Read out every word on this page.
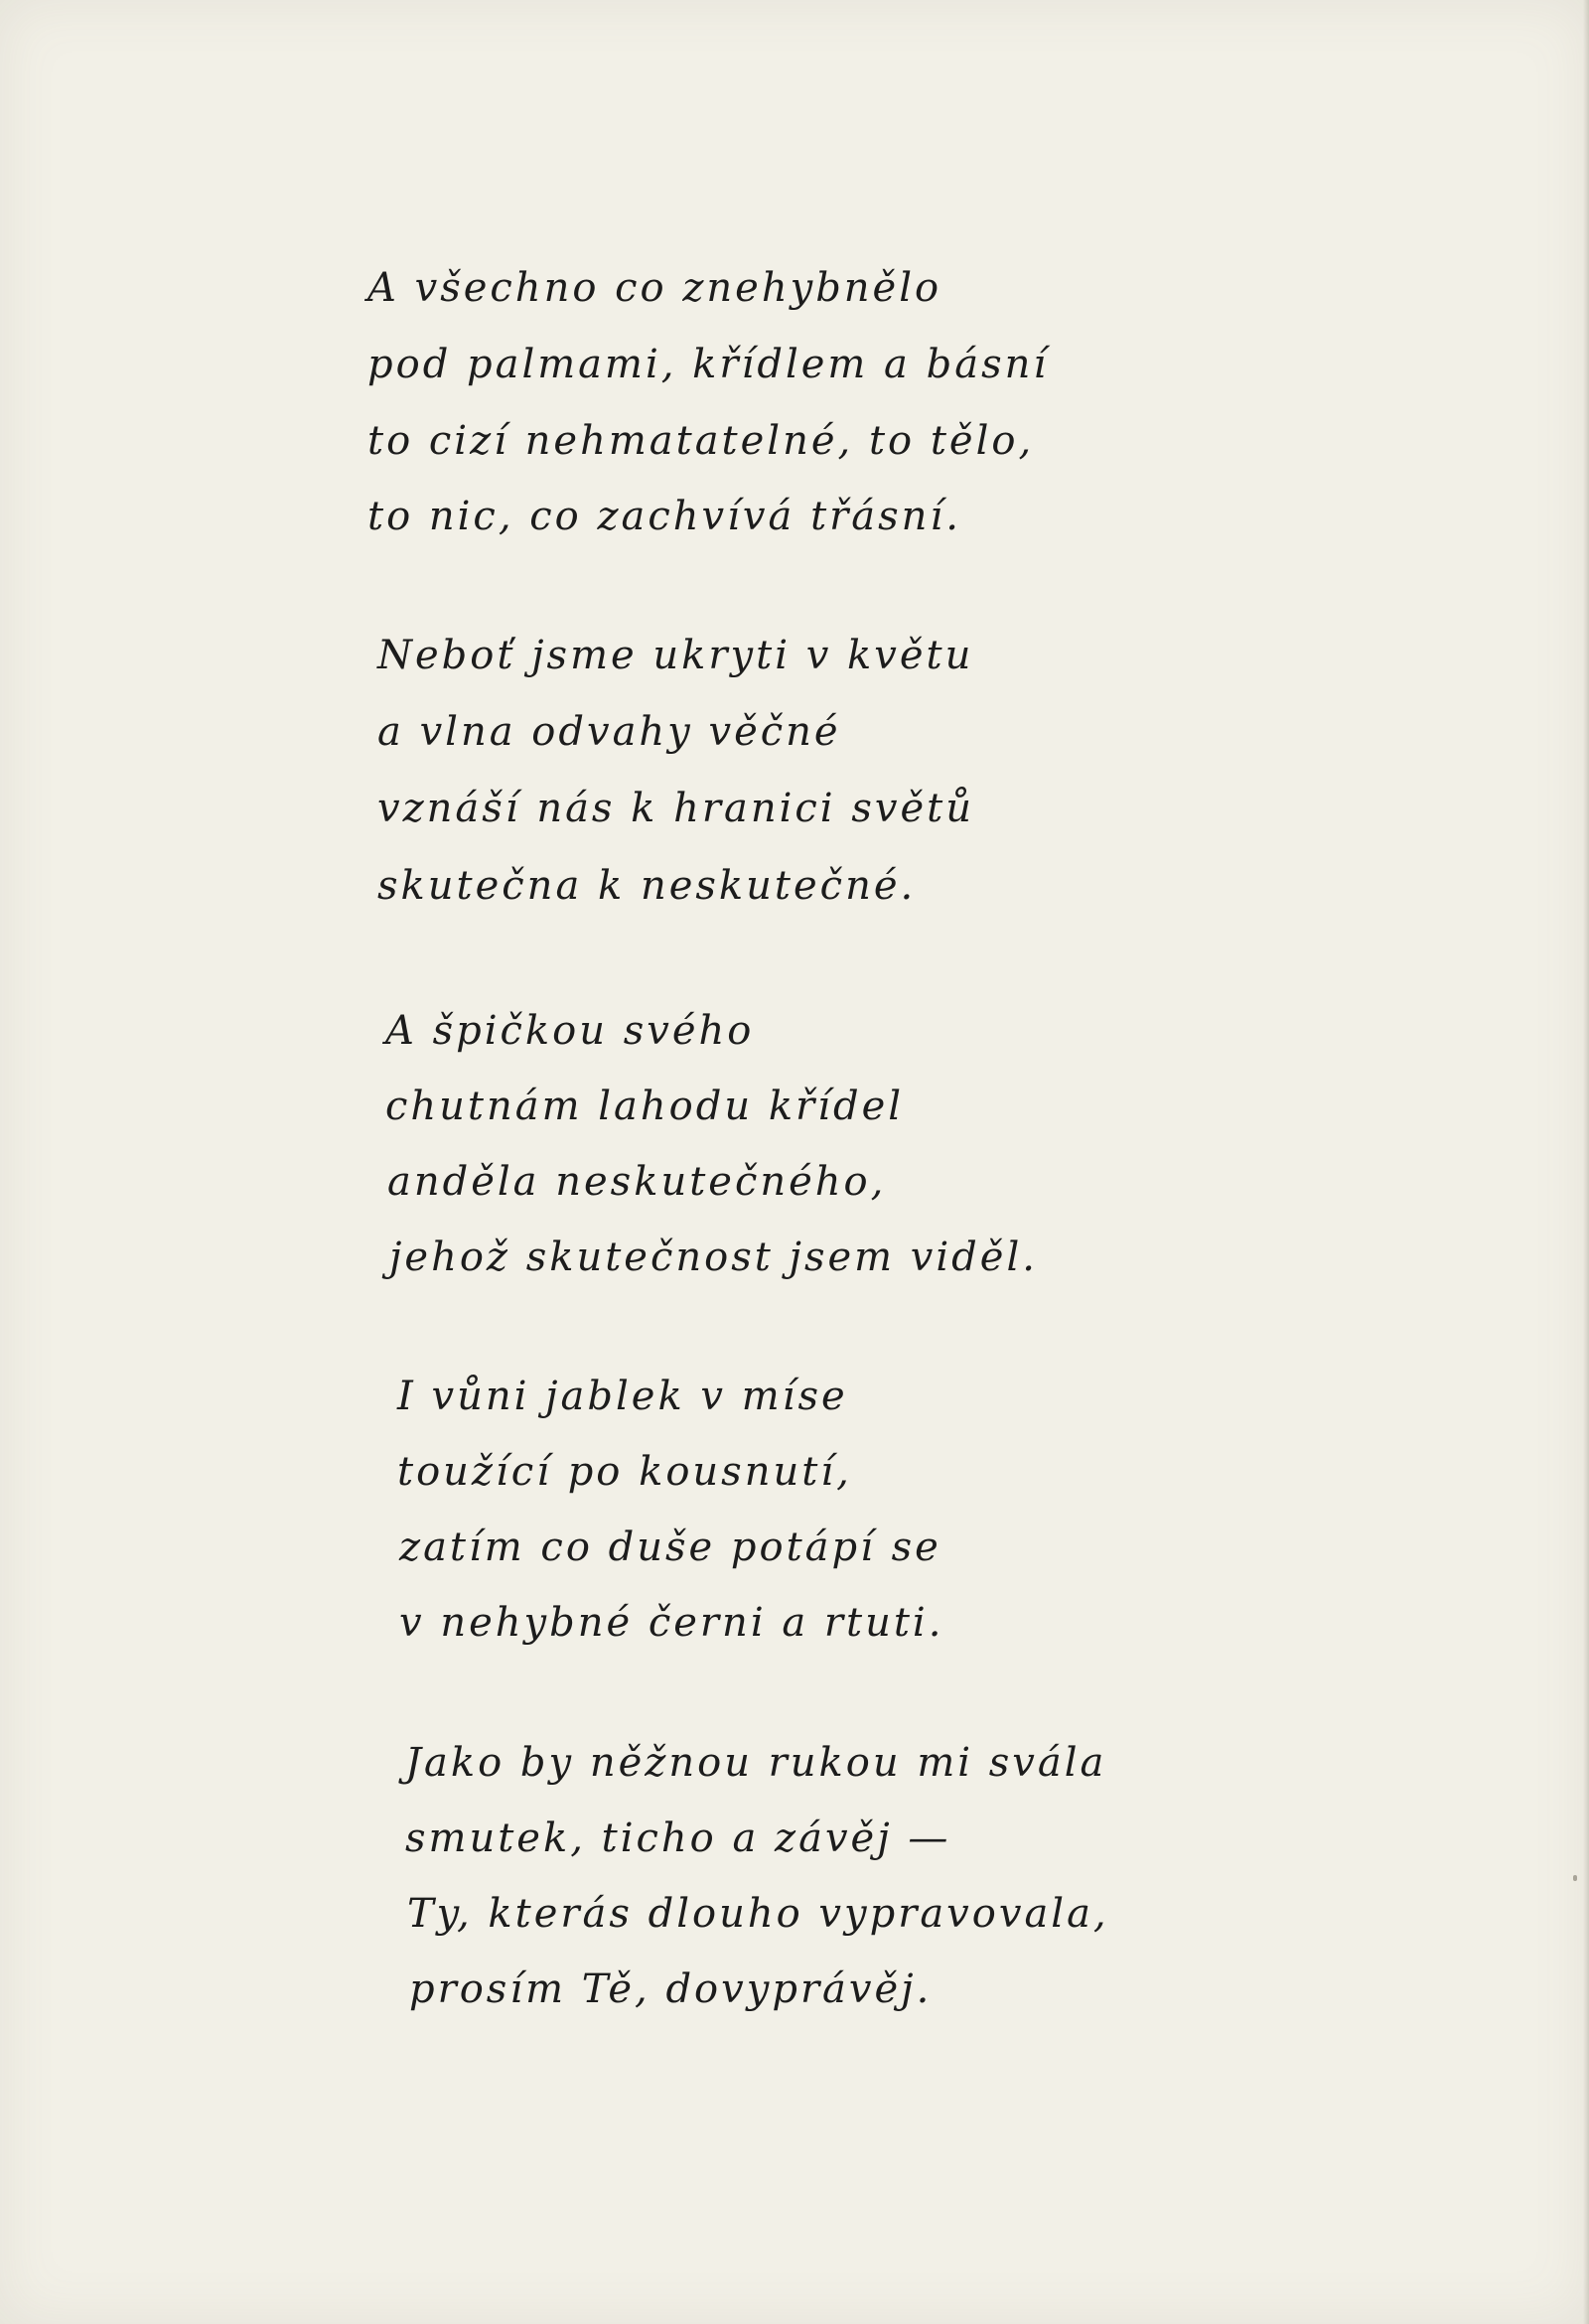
A všechno co znehybnělo
pod palmami, křídlem a básní
to cizí nehmatatelné, to tělo,
to nic, co zachvívá třásní.
Neboť jsme ukryti v květu
a vlna odvahy věčné
vznáší nás k hranici světů
skutečna k neskutečné.
A špičkou svého
chutnám lahodu křídel
anděla neskutečného,
jehož skutečnost jsem viděl.
I vůni jablek v míse
toužící po kousnutí,
zatím co duše potápí se
v nehybné černi a rtuti.
Jako by něžnou rukou mi svála
smutek, ticho a závěj —
Ty, kterás dlouho vypravovala,
prosím Tě, dovyprávěj.
